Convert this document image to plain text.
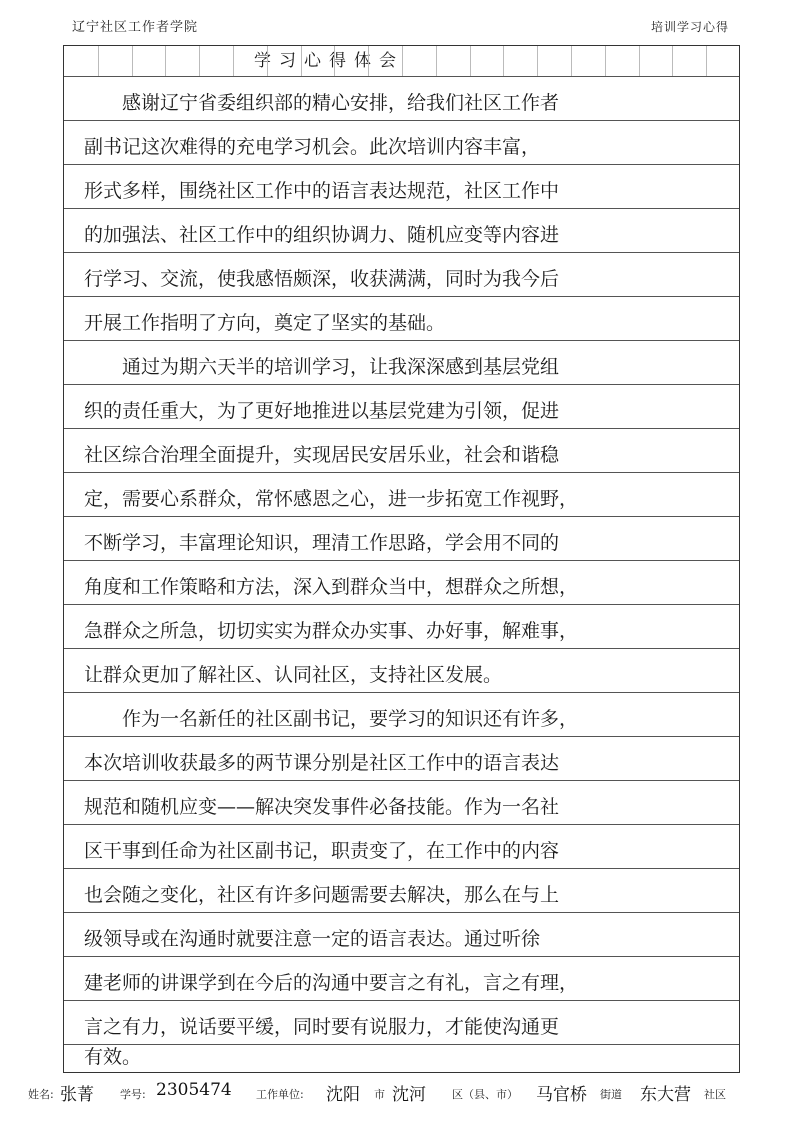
辽宁社区工作者学院	培训学习心得
学习心得体会
感谢辽宁省委组织部的精心安排，给我们社区工作者
副书记这次难得的充电学习机会。此次培训内容丰富，
形式多样，围绕社区工作中的语言表达规范，社区工作中
的加强法、社区工作中的组织协调力、随机应变等内容进
行学习、交流，使我感悟颇深，收获满满，同时为我今后
开展工作指明了方向，奠定了坚实的基础。
通过为期六天半的培训学习，让我深深感到基层党组
织的责任重大，为了更好地推进以基层党建为引领，促进
社区综合治理全面提升，实现居民安居乐业，社会和谐稳
定，需要心系群众，常怀感恩之心，进一步拓宽工作视野，
不断学习，丰富理论知识，理清工作思路，学会用不同的
角度和工作策略和方法，深入到群众当中，想群众之所想，
急群众之所急，切切实实为群众办实事、办好事，解难事，
让群众更加了解社区、认同社区，支持社区发展。
作为一名新任的社区副书记，要学习的知识还有许多，
本次培训收获最多的两节课分别是社区工作中的语言表达
规范和随机应变——解决突发事件必备技能。作为一名社
区干事到任命为社区副书记，职责变了，在工作中的内容
也会随之变化，社区有许多问题需要去解决，那么在与上
级领导或在沟通时就要注意一定的语言表达。通过听徐
建老师的讲课学到在今后的沟通中要言之有礼，言之有理，
言之有力，说话要平缓，同时要有说服力，才能使沟通更
有效。
姓名: 张菁 学号: 2305474 工作单位: 沈阳 市 沈河 区（县、市） 马官桥 街道 东大营 社区
